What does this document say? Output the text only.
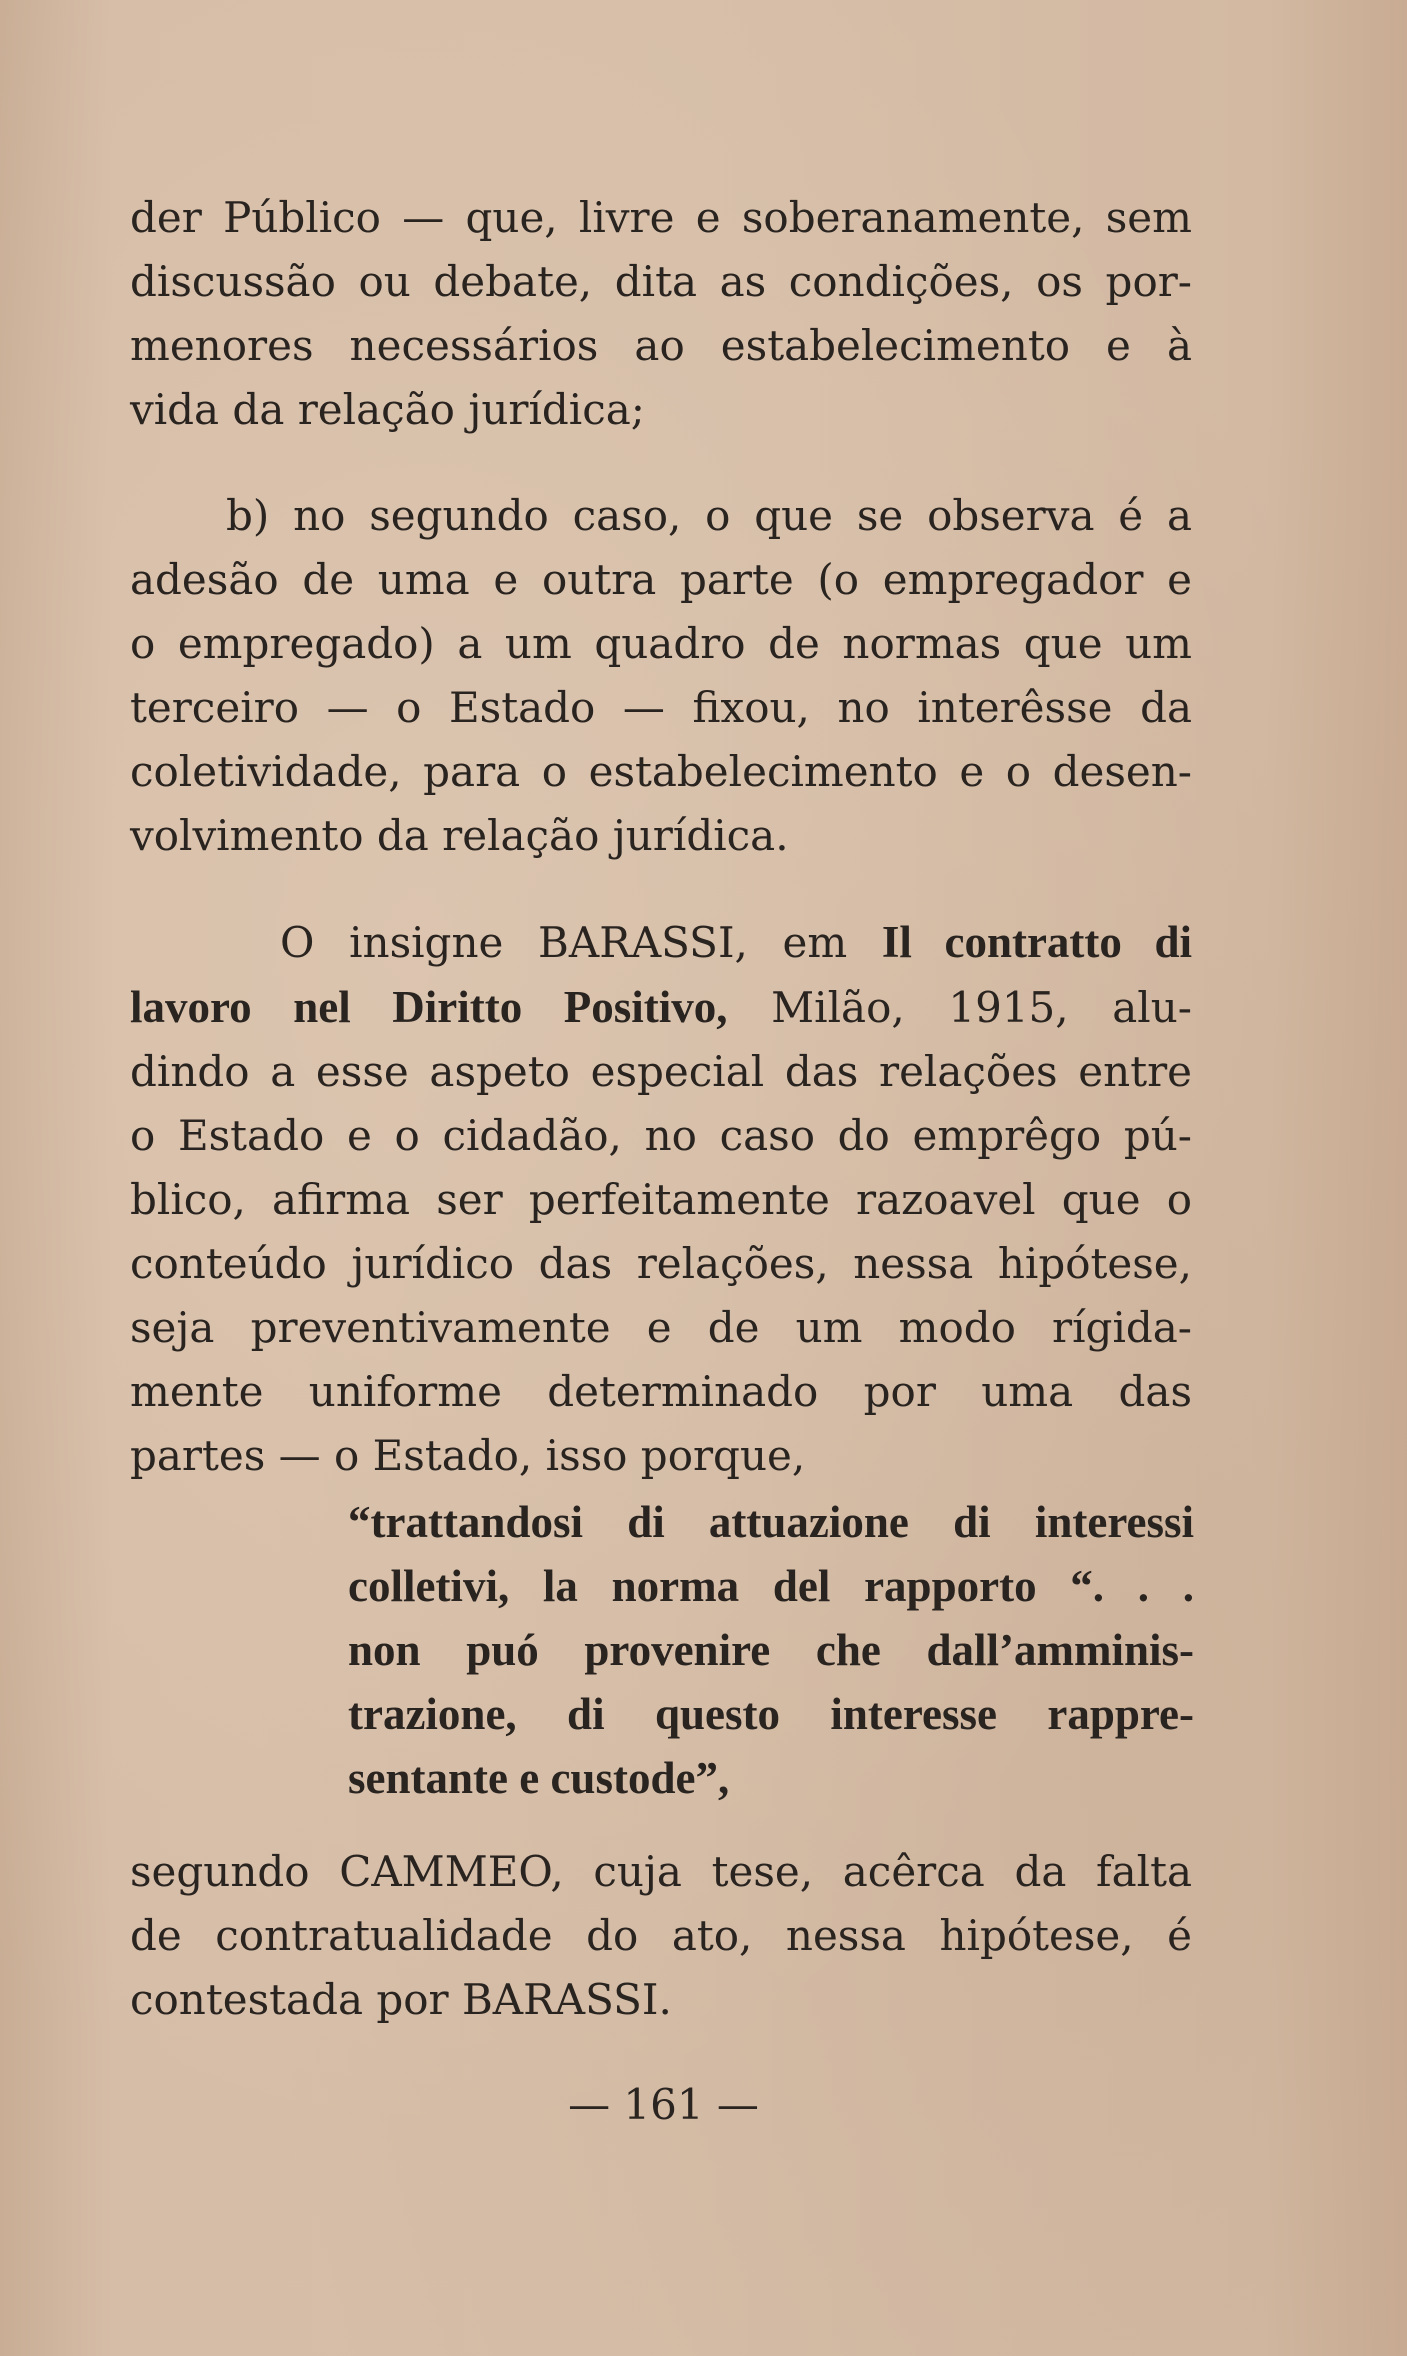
der Público — que, livre e soberanamente, sem
discussão ou debate, dita as condições, os por-
menores necessários ao estabelecimento e à
vida da relação jurídica;

b) no segundo caso, o que se observa é a
adesão de uma e outra parte (o empregador e
o empregado) a um quadro de normas que um
terceiro — o Estado — fixou, no interêsse da
coletividade, para o estabelecimento e o desen-
volvimento da relação jurídica.

O insigne BARASSI, em Il contratto di
lavoro nel Diritto Positivo, Milão, 1915, alu-
dindo a esse aspeto especial das relações entre
o Estado e o cidadão, no caso do emprêgo pú-
blico, afirma ser perfeitamente razoavel que o
conteúdo jurídico das relações, nessa hipótese,
seja preventivamente e de um modo rígida-
mente uniforme determinado por uma das
partes — o Estado, isso porque,

“trattandosi di attuazione di interessi
colletivi, la norma del rapporto “. . .
non puó provenire che dall’amminis-
trazione, di questo interesse rappre-
sentante e custode”,

segundo CAMMEO, cuja tese, acêrca da falta
de contratualidade do ato, nessa hipótese, é
contestada por BARASSI.

— 161 —
